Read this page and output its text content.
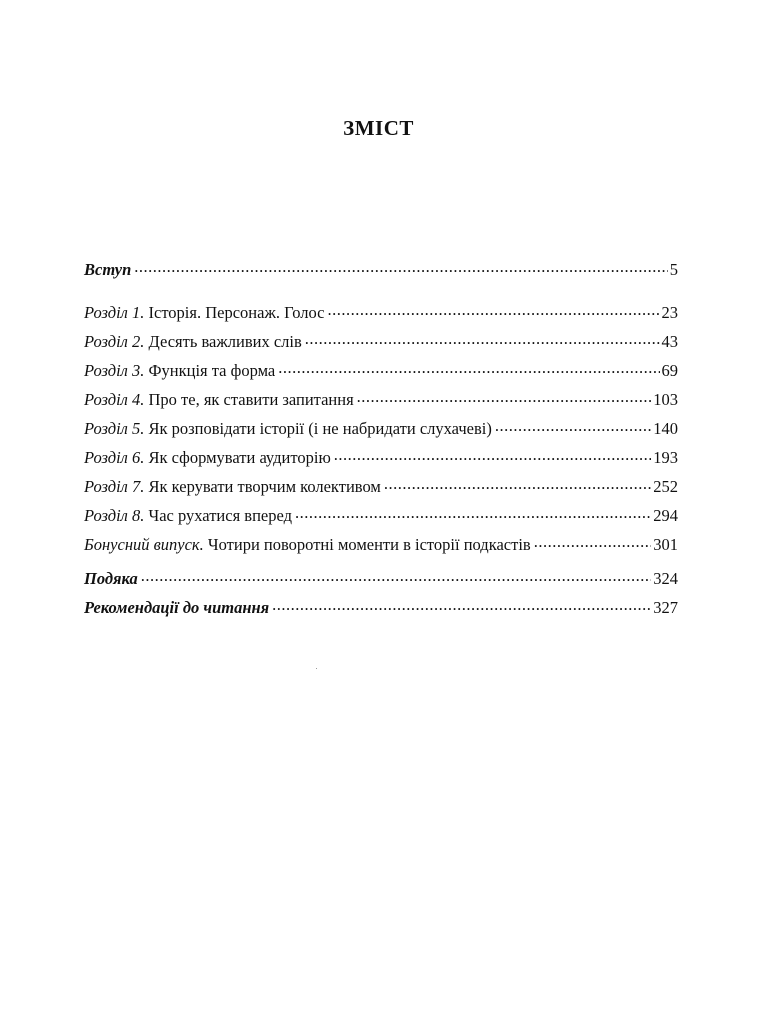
ЗМІСТ
Вступ .....	5
Розділ 1. Історія. Персонаж. Голос .....	23
Розділ 2. Десять важливих слів .....	43
Розділ 3. Функція та форма .....	69
Розділ 4. Про те, як ставити запитання .....	103
Розділ 5. Як розповідати історії (і не набридати слухачеві) .....	140
Розділ 6. Як сформувати аудиторію .....	193
Розділ 7. Як керувати творчим колективом .....	252
Розділ 8. Час рухатися вперед .....	294
Бонусний випуск. Чотири поворотні моменти в історії подкастів .....	301
Подяка .....	324
Рекомендації до читання .....	327
